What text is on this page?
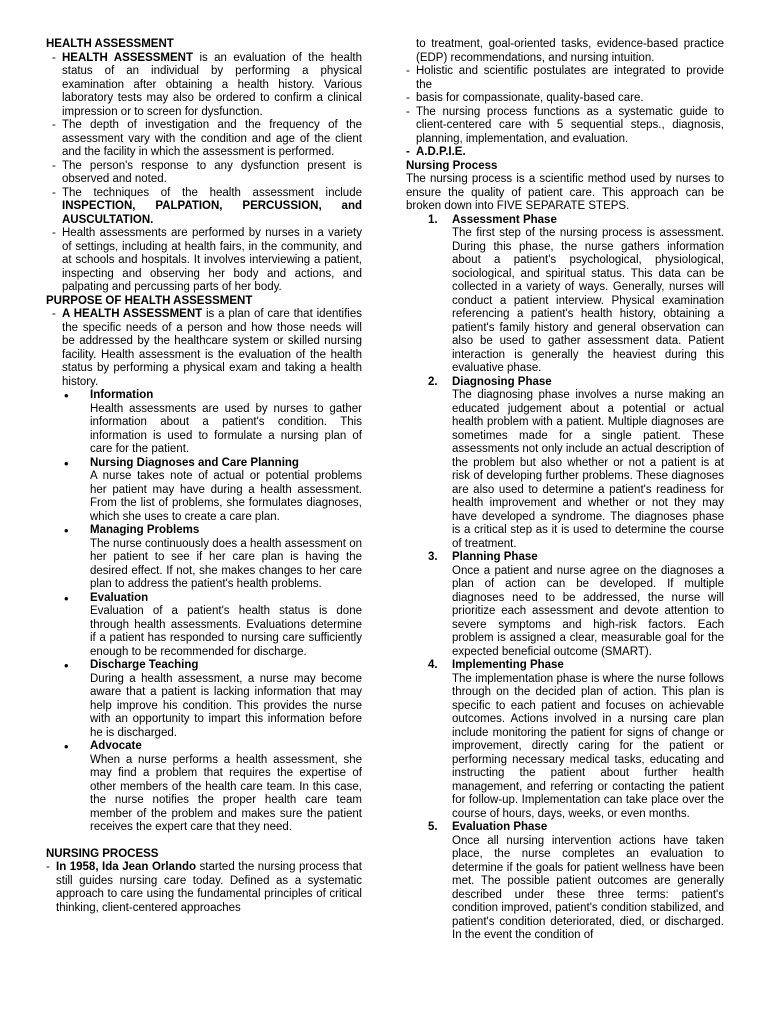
HEALTH ASSESSMENT

- HEALTH ASSESSMENT is an evaluation of the health status of an individual by performing a physical examination after obtaining a health history. Various laboratory tests may also be ordered to confirm a clinical impression or to screen for dysfunction.

- The depth of investigation and the frequency of the assessment vary with the condition and age of the client and the facility in which the assessment is performed.

- The person's response to any dysfunction present is observed and noted.

- The techniques of the health assessment include INSPECTION, PALPATION, PERCUSSION, and AUSCULTATION.

- Health assessments are performed by nurses in a variety of settings, including at health fairs, in the community, and at schools and hospitals. It involves interviewing a patient, inspecting and observing her body and actions, and palpating and percussing parts of her body.

PURPOSE OF HEALTH ASSESSMENT

- A HEALTH ASSESSMENT is a plan of care that identifies the specific needs of a person and how those needs will be addressed by the healthcare system or skilled nursing facility. Health assessment is the evaluation of the health status by performing a physical exam and taking a health history.

• Information

Health assessments are used by nurses to gather information about a patient's condition. This information is used to formulate a nursing plan of care for the patient.

• Nursing Diagnoses and Care Planning

A nurse takes note of actual or potential problems her patient may have during a health assessment. From the list of problems, she formulates diagnoses, which she uses to create a care plan.

• Managing Problems

The nurse continuously does a health assessment on her patient to see if her care plan is having the desired effect. If not, she makes changes to her care plan to address the patient's health problems.

• Evaluation

Evaluation of a patient's health status is done through health assessments. Evaluations determine if a patient has responded to nursing care sufficiently enough to be recommended for discharge.

• Discharge Teaching

During a health assessment, a nurse may become aware that a patient is lacking information that may help improve his condition. This provides the nurse with an opportunity to impart this information before he is discharged.

• Advocate

When a nurse performs a health assessment, she may find a problem that requires the expertise of other members of the health care team. In this case, the nurse notifies the proper health care team member of the problem and makes sure the patient receives the expert care that they need.

NURSING PROCESS

- In 1958, Ida Jean Orlando started the nursing process that still guides nursing care today. Defined as a systematic approach to care using the fundamental principles of critical thinking, client-centered approaches

to treatment, goal-oriented tasks, evidence-based practice (EDP) recommendations, and nursing intuition.

- Holistic and scientific postulates are integrated to provide the

- basis for compassionate, quality-based care.

- The nursing process functions as a systematic guide to client-centered care with 5 sequential steps., diagnosis, planning, implementation, and evaluation.

- A.D.P.I.E.

Nursing Process

The nursing process is a scientific method used by nurses to ensure the quality of patient care. This approach can be broken down into FIVE SEPARATE STEPS.

1. Assessment Phase

The first step of the nursing process is assessment. During this phase, the nurse gathers information about a patient's psychological, physiological, sociological, and spiritual status. This data can be collected in a variety of ways. Generally, nurses will conduct a patient interview. Physical examination referencing a patient's health history, obtaining a patient's family history and general observation can also be used to gather assessment data. Patient interaction is generally the heaviest during this evaluative phase.

2. Diagnosing Phase

The diagnosing phase involves a nurse making an educated judgement about a potential or actual health problem with a patient. Multiple diagnoses are sometimes made for a single patient. These assessments not only include an actual description of the problem but also whether or not a patient is at risk of developing further problems. These diagnoses are also used to determine a patient's readiness for health improvement and whether or not they may have developed a syndrome. The diagnoses phase is a critical step as it is used to determine the course of treatment.

3. Planning Phase

Once a patient and nurse agree on the diagnoses a plan of action can be developed. If multiple diagnoses need to be addressed, the nurse will prioritize each assessment and devote attention to severe symptoms and high-risk factors. Each problem is assigned a clear, measurable goal for the expected beneficial outcome (SMART).

4. Implementing Phase

The implementation phase is where the nurse follows through on the decided plan of action. This plan is specific to each patient and focuses on achievable outcomes. Actions involved in a nursing care plan include monitoring the patient for signs of change or improvement, directly caring for the patient or performing necessary medical tasks, educating and instructing the patient about further health management, and referring or contacting the patient for follow-up. Implementation can take place over the course of hours, days, weeks, or even months.

5. Evaluation Phase

Once all nursing intervention actions have taken place, the nurse completes an evaluation to determine if the goals for patient wellness have been met. The possible patient outcomes are generally described under these three terms: patient's condition improved, patient's condition stabilized, and patient's condition deteriorated, died, or discharged. In the event the condition of
